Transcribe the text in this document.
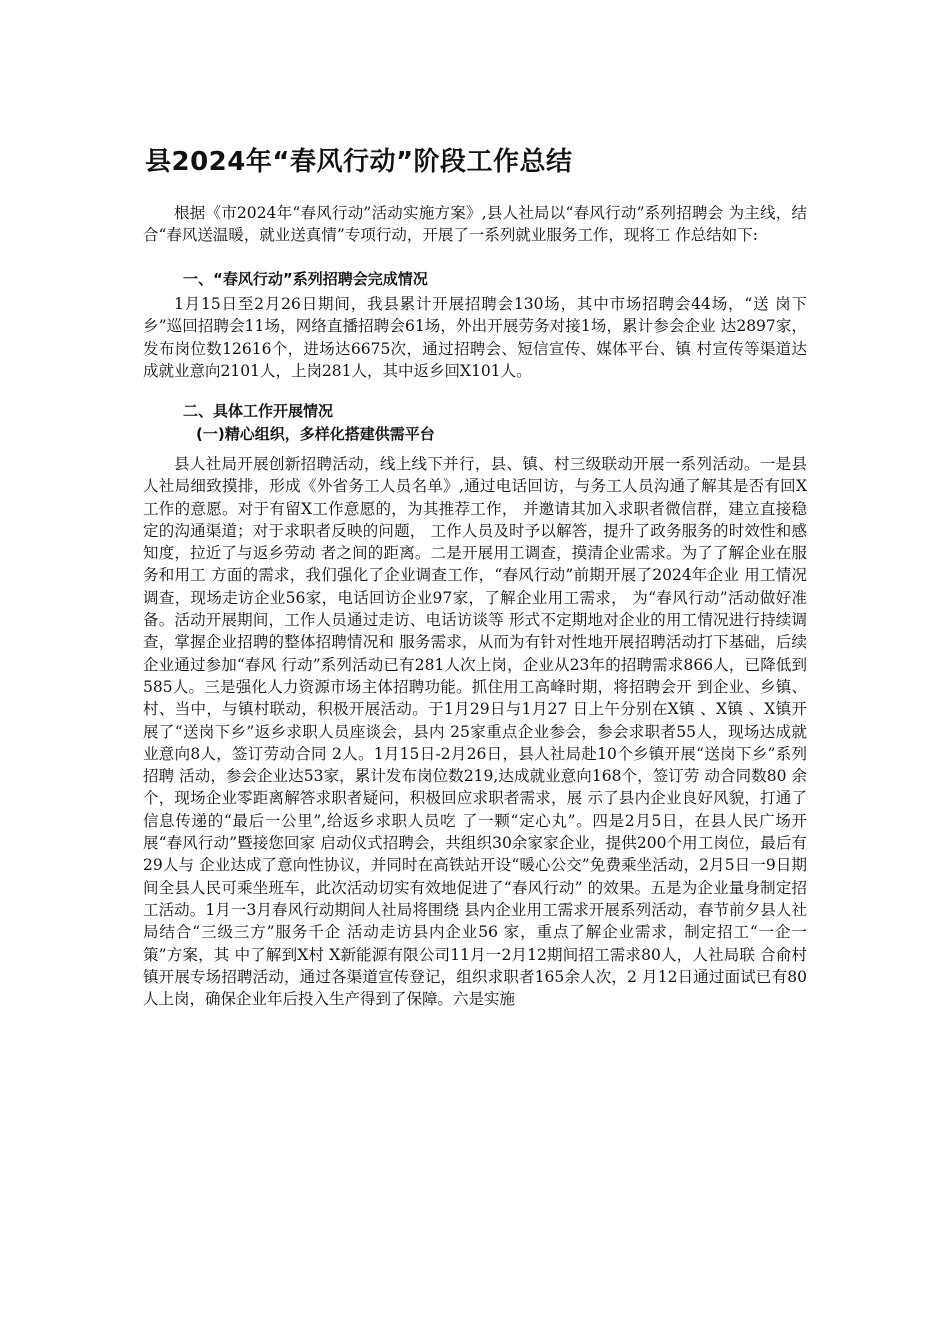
县2024年“春风行动”阶段工作总结

根据《市2024年“春风行动”活动实施方案》,县人社局以“春风行动”系列招聘会 为主线，结合“春风送温暖，就业送真情”专项行动，开展了一系列就业服务工作，现将工 作总结如下:

一、“春风行动”系列招聘会完成情况

1月15日至2月26日期间，我县累计开展招聘会130场，其中市场招聘会44场，“送 岗下乡”巡回招聘会11场，网络直播招聘会61场，外出开展劳务对接1场，累计参会企业 达2897家，发布岗位数12616个，进场达6675次，通过招聘会、短信宣传、媒体平台、镇 村宣传等渠道达成就业意向2101人，上岗281人，其中返乡回X101人。

二、具体工作开展情况

(一)精心组织，多样化搭建供需平台

县人社局开展创新招聘活动，线上线下并行，县、镇、村三级联动开展一系列活动。一是县人社局细致摸排，形成《外省务工人员名单》,通过电话回访，与务工人员沟通了解其是否有回X工作的意愿。对于有留X工作意愿的，为其推荐工作， 并邀请其加入求职者微信群，建立直接稳定的沟通渠道；对于求职者反映的问题， 工作人员及时予以解答，提升了政务服务的时效性和感知度，拉近了与返乡劳动 者之间的距离。二是开展用工调查，摸清企业需求。为了了解企业在服务和用工 方面的需求，我们强化了企业调查工作，“春风行动”前期开展了2024年企业 用工情况调查，现场走访企业56家，电话回访企业97家，了解企业用工需求， 为“春风行动”活动做好准备。活动开展期间，工作人员通过走访、电话访谈等 形式不定期地对企业的用工情况进行持续调查，掌握企业招聘的整体招聘情况和 服务需求，从而为有针对性地开展招聘活动打下基础，后续企业通过参加“春风 行动”系列活动已有281人次上岗，企业从23年的招聘需求866人，已降低到 585人。三是强化人力资源市场主体招聘功能。抓住用工高峰时期，将招聘会开 到企业、乡镇、村、当中，与镇村联动，积极开展活动。于1月29日与1月27 日上午分别在X镇 、X镇 、X镇开展了“送岗下乡”返乡求职人员座谈会，县内 25家重点企业参会，参会求职者55人，现场达成就业意向8人，签订劳动合同 2人。1月15日-2月26日，县人社局赴10个乡镇开展“送岗下乡”系列招聘 活动，参会企业达53家，累计发布岗位数219,达成就业意向168个，签订劳 动合同数80 余个，现场企业零距离解答求职者疑问，积极回应求职者需求，展 示了县内企业良好风貌，打通了信息传递的“最后一公里”,给返乡求职人员吃 了一颗“定心丸”。四是2月5日，在县人民广场开展“春风行动”暨接您回家 启动仪式招聘会，共组织30余家家企业，提供200个用工岗位，最后有29人与 企业达成了意向性协议，并同时在高铁站开设“暖心公交”免费乘坐活动，2月5日一9日期间全县人民可乘坐班车，此次活动切实有效地促进了“春风行动” 的效果。五是为企业量身制定招工活动。1月一3月春风行动期间人社局将围绕 县内企业用工需求开展系列活动，春节前夕县人社局结合“三级三方”服务千企 活动走访县内企业56 家，重点了解企业需求，制定招工“一企一策”方案，其 中了解到X村 X新能源有限公司11月一2月12期间招工需求80人，人社局联 合俞村镇开展专场招聘活动，通过各渠道宣传登记，组织求职者165余人次，2 月12日通过面试已有80人上岗，确保企业年后投入生产得到了保障。六是实施
